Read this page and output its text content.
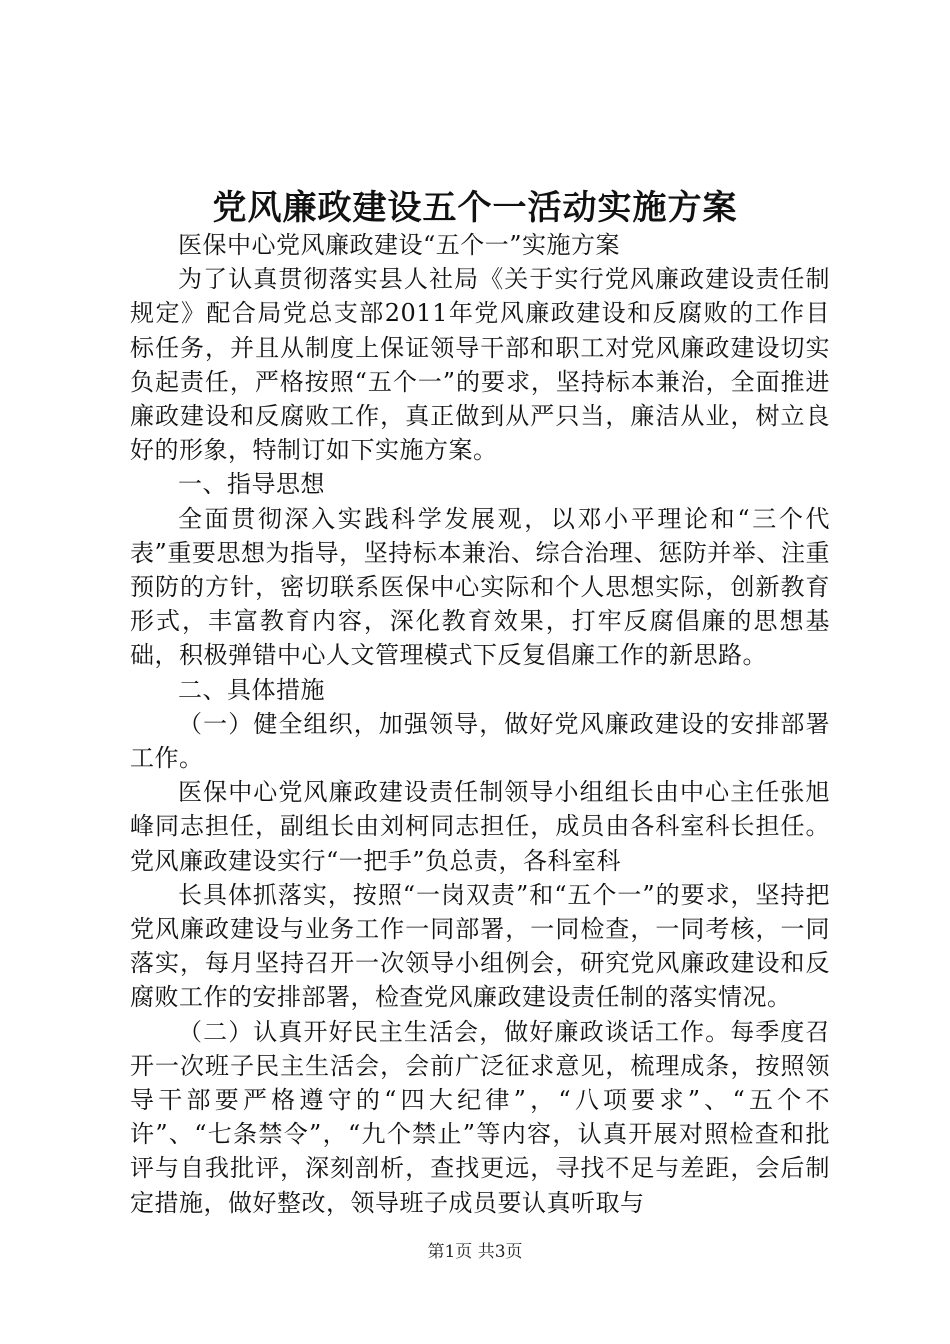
党风廉政建设五个一活动实施方案

医保中心党风廉政建设“五个一”实施方案

为了认真贯彻落实县人社局《关于实行党风廉政建设责任制规定》配合局党总支部2011年党风廉政建设和反腐败的工作目标任务，并且从制度上保证领导干部和职工对党风廉政建设切实负起责任，严格按照“五个一”的要求，坚持标本兼治，全面推进廉政建设和反腐败工作，真正做到从严只当，廉洁从业，树立良好的形象，特制订如下实施方案。

一、指导思想

全面贯彻深入实践科学发展观，以邓小平理论和“三个代表”重要思想为指导，坚持标本兼治、综合治理、惩防并举、注重预防的方针，密切联系医保中心实际和个人思想实际，创新教育形式，丰富教育内容，深化教育效果，打牢反腐倡廉的思想基础，积极弹错中心人文管理模式下反复倡廉工作的新思路。

二、具体措施

（一）健全组织，加强领导，做好党风廉政建设的安排部署工作。

医保中心党风廉政建设责任制领导小组组长由中心主任张旭峰同志担任，副组长由刘柯同志担任，成员由各科室科长担任。党风廉政建设实行“一把手”负总责，各科室科

长具体抓落实，按照“一岗双责”和“五个一”的要求，坚持把党风廉政建设与业务工作一同部署，一同检查，一同考核，一同落实，每月坚持召开一次领导小组例会，研究党风廉政建设和反腐败工作的安排部署，检查党风廉政建设责任制的落实情况。

（二）认真开好民主生活会，做好廉政谈话工作。每季度召开一次班子民主生活会，会前广泛征求意见，梳理成条，按照领导干部要严格遵守的“四大纪律”，“八项要求”、“五个不许”、“七条禁令”，“九个禁止”等内容，认真开展对照检查和批评与自我批评，深刻剖析，查找更远，寻找不足与差距，会后制定措施，做好整改，领导班子成员要认真听取与

第1页 共3页
